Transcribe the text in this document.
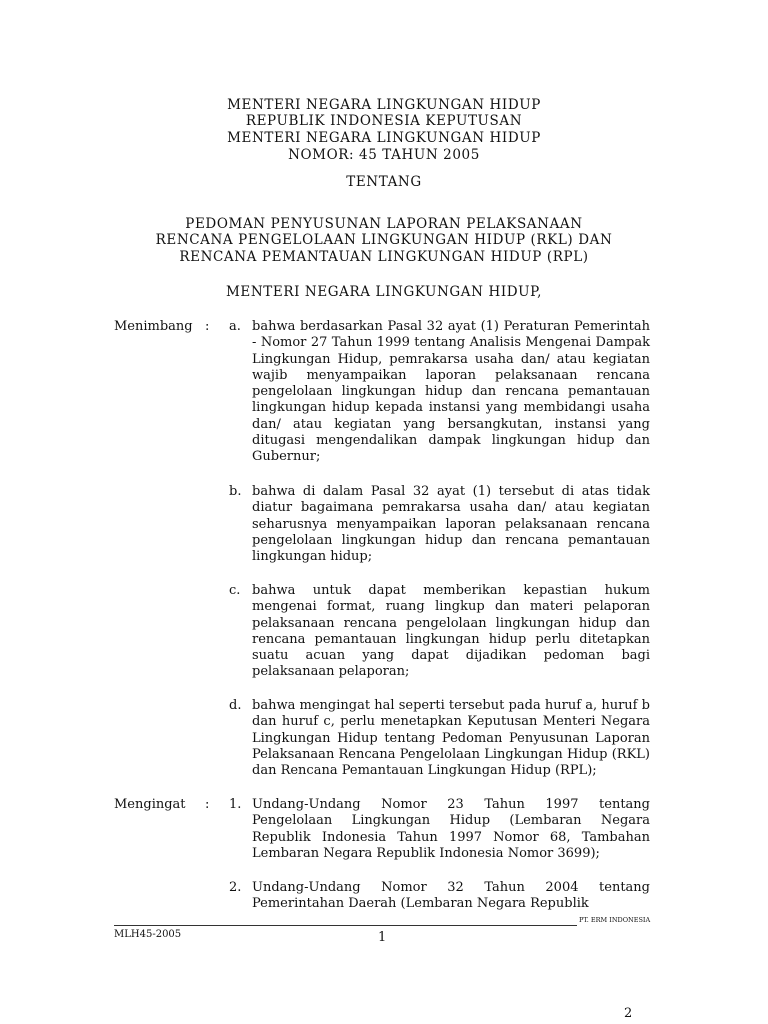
MENTERI NEGARA LINGKUNGAN HIDUP
REPUBLIK INDONESIA KEPUTUSAN
MENTERI NEGARA LINGKUNGAN HIDUP
NOMOR: 45 TAHUN 2005
TENTANG
PEDOMAN PENYUSUNAN LAPORAN PELAKSANAAN
RENCANA PENGELOLAAN LINGKUNGAN HIDUP (RKL) DAN
RENCANA PEMANTAUAN LINGKUNGAN HIDUP (RPL)
MENTERI NEGARA LINGKUNGAN HIDUP,
Menimbang : a. bahwa berdasarkan Pasal 32 ayat (1) Peraturan Pemerintah - Nomor 27 Tahun 1999 tentang Analisis Mengenai Dampak Lingkungan Hidup, pemrakarsa usaha dan/ atau kegiatan wajib menyampaikan laporan pelaksanaan rencana pengelolaan lingkungan hidup dan rencana pemantauan lingkungan hidup kepada instansi yang membidangi usaha dan/ atau kegiatan yang bersangkutan, instansi yang ditugasi mengendalikan dampak lingkungan hidup dan Gubernur;

b. bahwa di dalam Pasal 32 ayat (1) tersebut di atas tidak diatur bagaimana pemrakarsa usaha dan/ atau kegiatan seharusnya menyampaikan laporan pelaksanaan rencana pengelolaan lingkungan hidup dan rencana pemantauan lingkungan hidup;

c. bahwa untuk dapat memberikan kepastian hukum mengenai format, ruang lingkup dan materi pelaporan pelaksanaan rencana pengelolaan lingkungan hidup dan rencana pemantauan lingkungan hidup perlu ditetapkan suatu acuan yang dapat dijadikan pedoman bagi pelaksanaan pelaporan;

d. bahwa mengingat hal seperti tersebut pada huruf a, huruf b dan huruf c, perlu menetapkan Keputusan Menteri Negara Lingkungan Hidup tentang Pedoman Penyusunan Laporan Pelaksanaan Rencana Pengelolaan Lingkungan Hidup (RKL) dan Rencana Pemantauan Lingkungan Hidup (RPL);

Mengingat : 1. Undang-Undang Nomor 23 Tahun 1997 tentang Pengelolaan Lingkungan Hidup (Lembaran Negara Republik Indonesia Tahun 1997 Nomor 68, Tambahan Lembaran Negara Republik Indonesia Nomor 3699);

2. Undang-Undang Nomor 32 Tahun 2004 tentang Pemerintahan Daerah (Lembaran Negara Republik

PT. ERM INDONESIA
MLH45-2005	1
2
